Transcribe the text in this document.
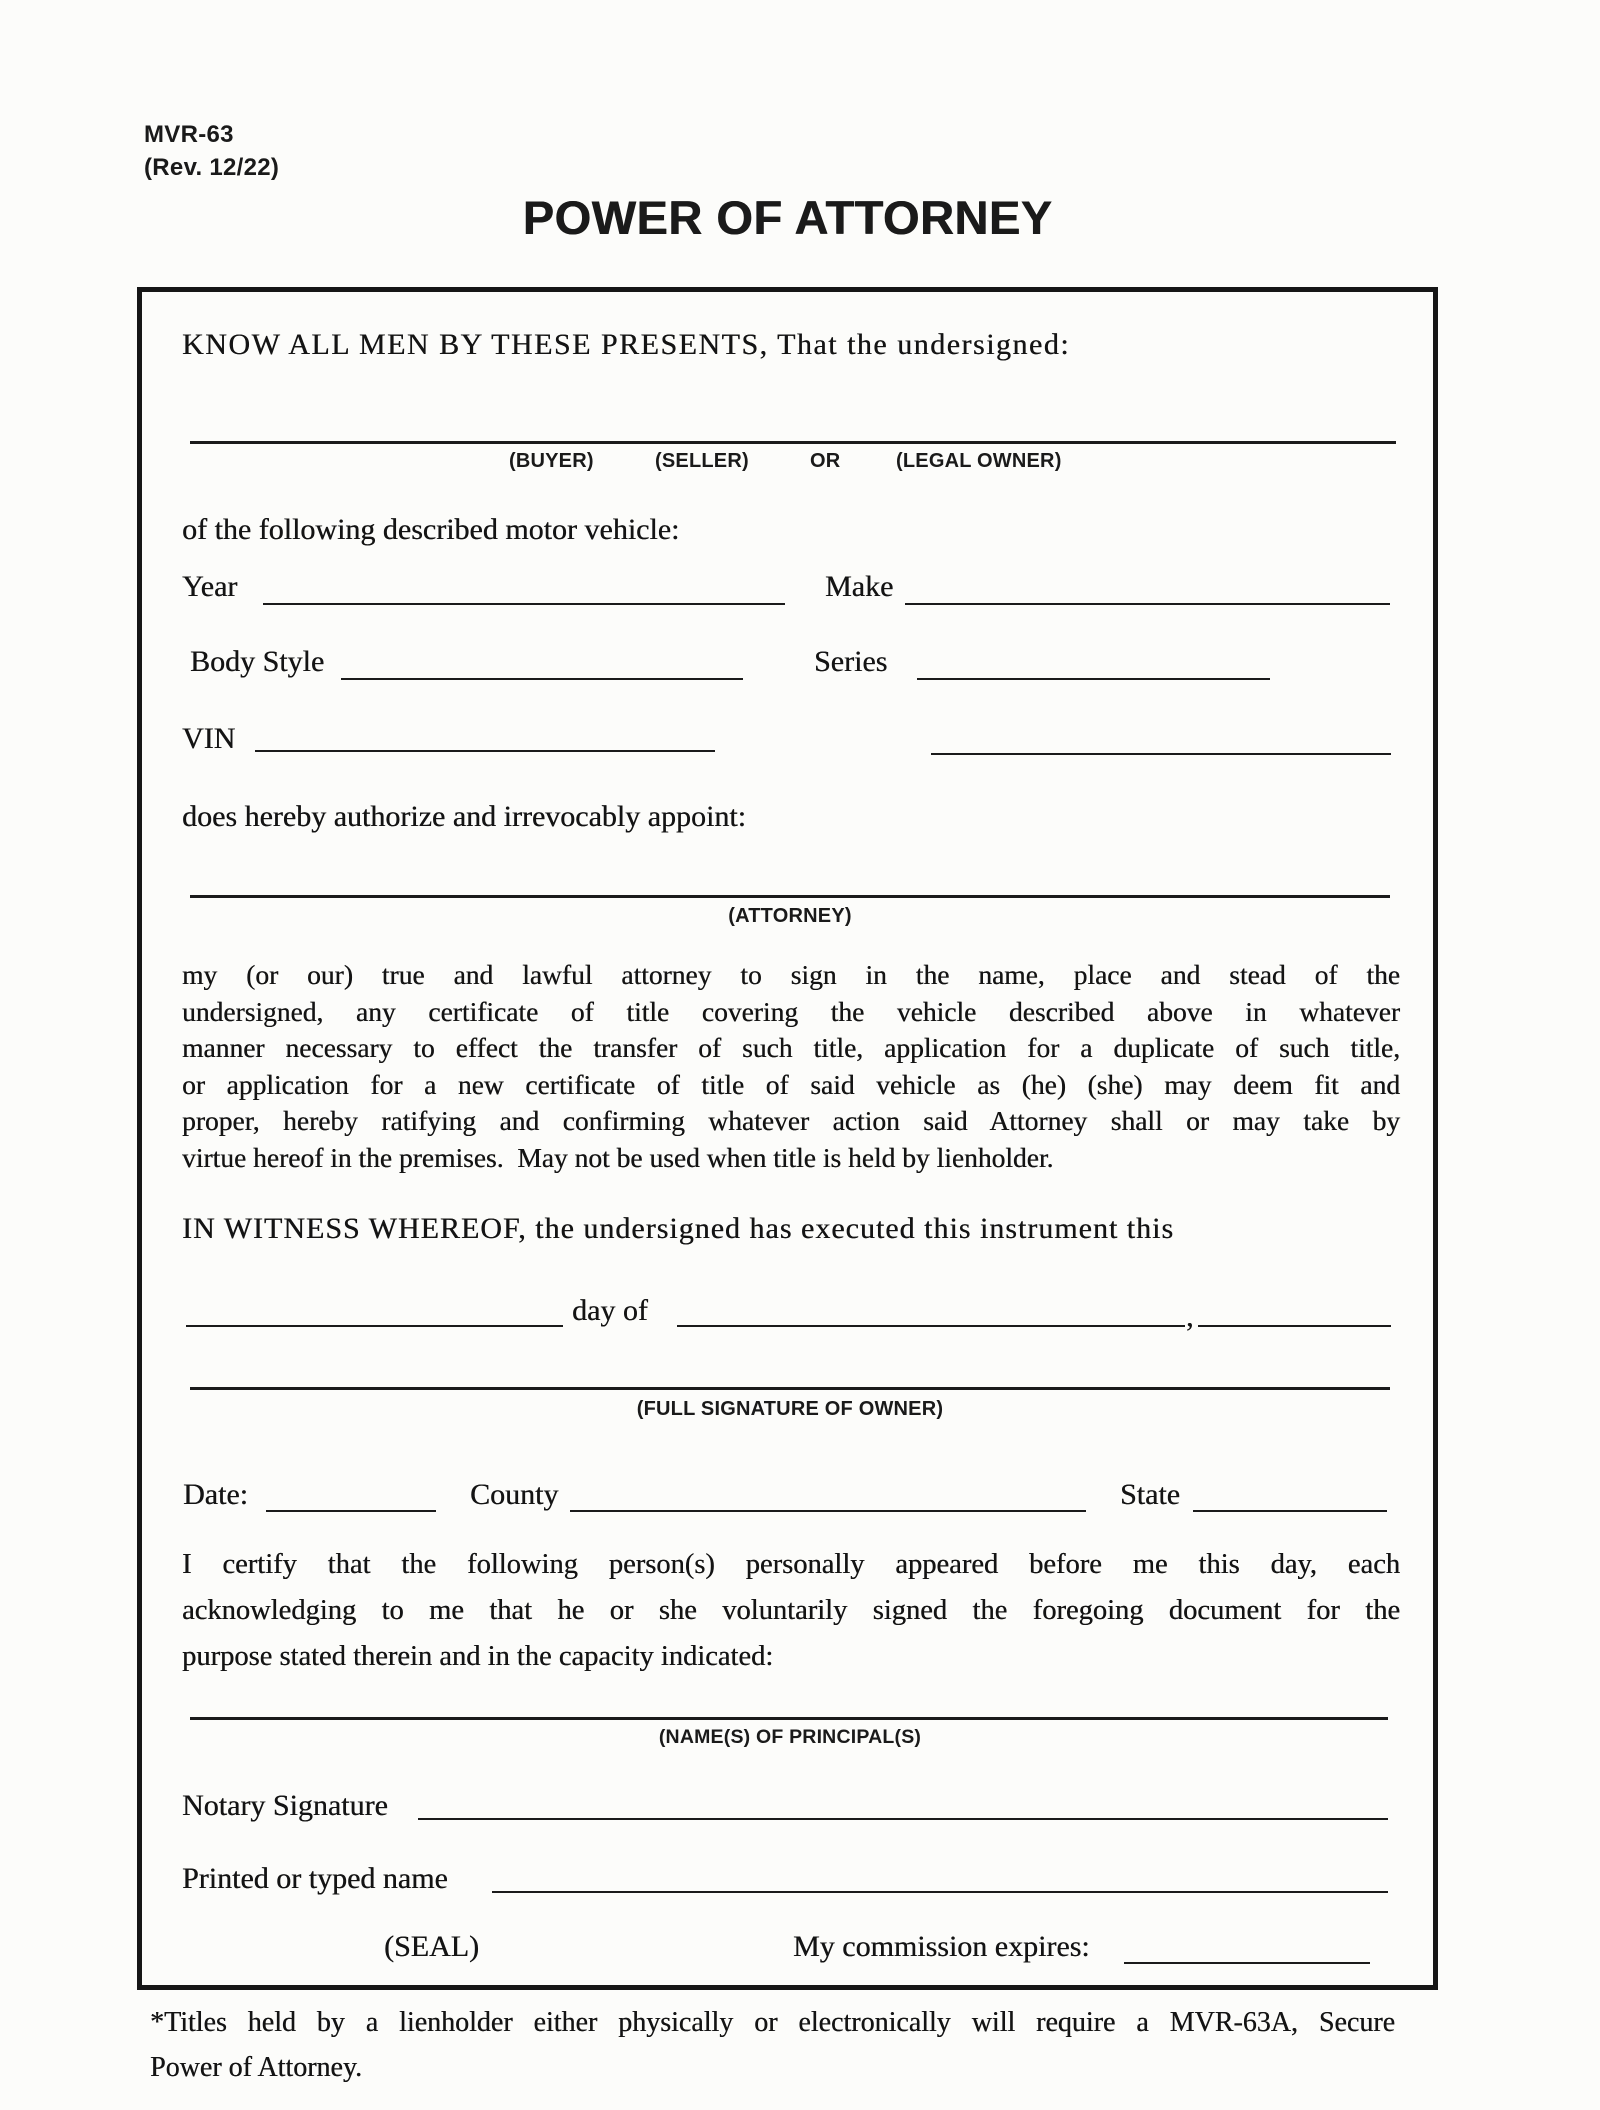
MVR-63
(Rev. 12/22)
POWER OF ATTORNEY
KNOW ALL MEN BY THESE PRESENTS, That the undersigned:
(BUYER)	(SELLER)	OR	(LEGAL OWNER)
of the following described motor vehicle:
Year	Make
Body Style	Series
VIN
does hereby authorize and irrevocably appoint:
(ATTORNEY)
my (or our) true and lawful attorney to sign in the name, place and stead of the
undersigned, any certificate of title covering the vehicle described above in whatever
manner necessary to effect the transfer of such title, application for a duplicate of such title,
or application for a new certificate of title of said vehicle as (he) (she) may deem fit and
proper, hereby ratifying and confirming whatever action said Attorney shall or may take by
virtue hereof in the premises.  May not be used when title is held by lienholder.
IN WITNESS WHEREOF, the undersigned has executed this instrument this
day of	,
(FULL SIGNATURE OF OWNER)
Date:	County	State
I certify that the following person(s) personally appeared before me this day, each
acknowledging to me that he or she voluntarily signed the foregoing document for the
purpose stated therein and in the capacity indicated:
(NAME(S) OF PRINCIPAL(S)
Notary Signature
Printed or typed name
(SEAL)	My commission expires:
*Titles held by a lienholder either physically or electronically will require a MVR-63A, Secure
Power of Attorney.
